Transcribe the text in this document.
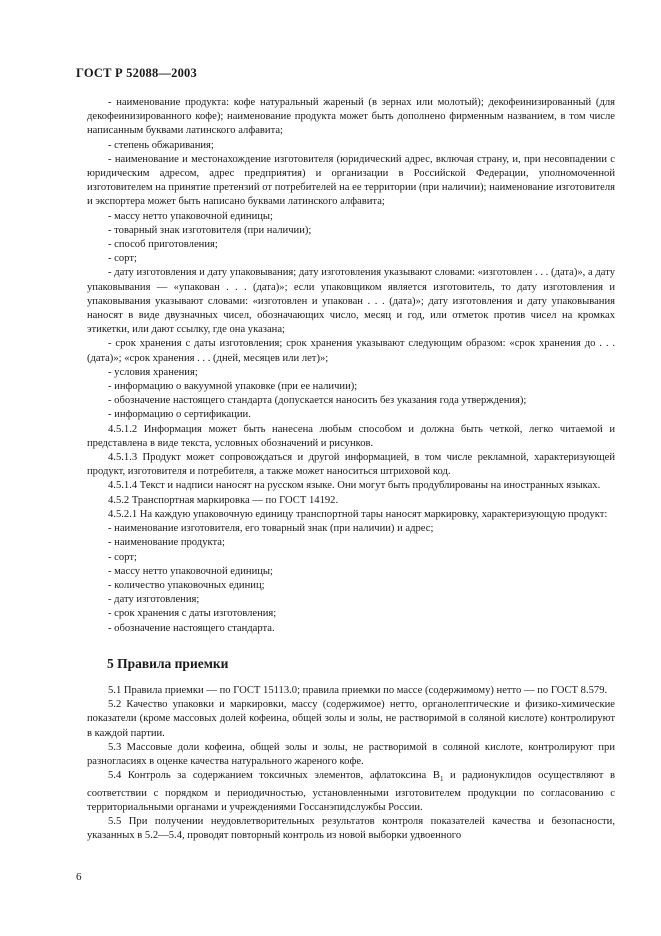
ГОСТ Р 52088—2003

- наименование продукта: кофе натуральный жареный (в зернах или молотый); декофеинизированный (для декофеинизированного кофе); наименование продукта может быть дополнено фирменным названием, в том числе написанным буквами латинского алфавита;

- степень обжаривания;

- наименование и местонахождение изготовителя (юридический адрес, включая страну, и, при несовпадении с юридическим адресом, адрес предприятия) и организации в Российской Федерации, уполномоченной изготовителем на принятие претензий от потребителей на ее территории (при наличии); наименование изготовителя и экспортера может быть написано буквами латинского алфавита;

- массу нетто упаковочной единицы;

- товарный знак изготовителя (при наличии);

- способ приготовления;

- сорт;

- дату изготовления и дату упаковывания; дату изготовления указывают словами: «изготовлен . . . (дата)», а дату упаковывания — «упакован . . . (дата)»; если упаковщиком является изготовитель, то дату изготовления и упаковывания указывают словами: «изготовлен и упакован . . . (дата)»; дату изготовления и дату упаковывания наносят в виде двузначных чисел, обозначающих число, месяц и год, или отметок против чисел на кромках этикетки, или дают ссылку, где она указана;

- срок хранения с даты изготовления; срок хранения указывают следующим образом: «срок хранения до . . . (дата)»; «срок хранения . . . (дней, месяцев или лет)»;

- условия хранения;

- информацию о вакуумной упаковке (при ее наличии);

- обозначение настоящего стандарта (допускается наносить без указания года утверждения);

- информацию о сертификации.

4.5.1.2 Информация может быть нанесена любым способом и должна быть четкой, легко читаемой и представлена в виде текста, условных обозначений и рисунков.

4.5.1.3 Продукт может сопровождаться и другой информацией, в том числе рекламной, характеризующей продукт, изготовителя и потребителя, а также может наноситься штриховой код.

4.5.1.4 Текст и надписи наносят на русском языке. Они могут быть продублированы на иностранных языках.

4.5.2 Транспортная маркировка — по ГОСТ 14192.

4.5.2.1 На каждую упаковочную единицу транспортной тары наносят маркировку, характеризующую продукт:

- наименование изготовителя, его товарный знак (при наличии) и адрес;

- наименование продукта;

- сорт;

- массу нетто упаковочной единицы;

- количество упаковочных единиц;

- дату изготовления;

- срок хранения с даты изготовления;

- обозначение настоящего стандарта.

5 Правила приемки

5.1 Правила приемки — по ГОСТ 15113.0; правила приемки по массе (содержимому) нетто — по ГОСТ 8.579.

5.2 Качество упаковки и маркировки, массу (содержимое) нетто, органолептические и физико-химические показатели (кроме массовых долей кофеина, общей золы и золы, не растворимой в соляной кислоте) контролируют в каждой партии.

5.3 Массовые доли кофеина, общей золы и золы, не растворимой в соляной кислоте, контролируют при разногласиях в оценке качества натурального жареного кофе.

5.4 Контроль за содержанием токсичных элементов, афлатоксина $B_1$ и радионуклидов осуществляют в соответствии с порядком и периодичностью, установленными изготовителем продукции по согласованию с территориальными органами и учреждениями Госсанэпидслужбы России.

5.5 При получении неудовлетворительных результатов контроля показателей качества и безопасности, указанных в 5.2—5.4, проводят повторный контроль из новой выборки удвоенного

6
